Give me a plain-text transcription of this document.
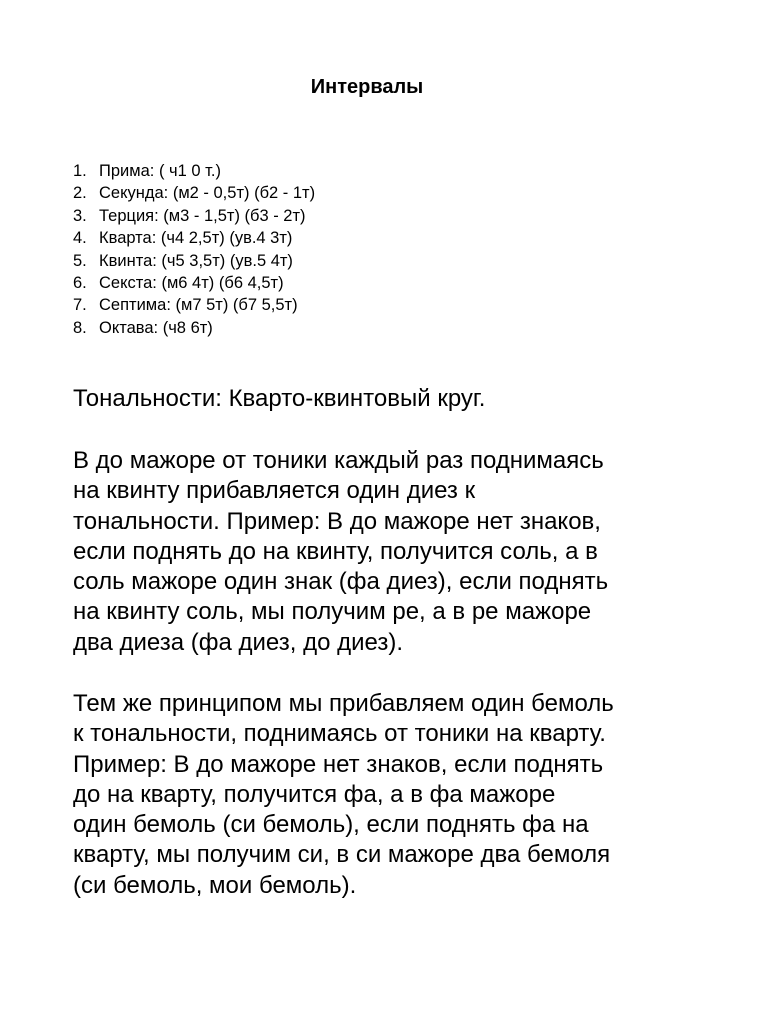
Интервалы
1. Прима: ( ч1 0 т.)
2. Секунда: (м2 - 0,5т) (б2 - 1т)
3. Терция: (м3 - 1,5т) (б3 - 2т)
4. Кварта: (ч4 2,5т) (ув.4 3т)
5. Квинта: (ч5 3,5т) (ув.5 4т)
6. Секста: (м6 4т) (б6 4,5т)
7. Септима: (м7 5т) (б7 5,5т)
8. Октава: (ч8 6т)

Тональности: Кварто-квинтовый круг.

В до мажоре от тоники каждый раз поднимаясь
на квинту прибавляется один диез к
тональности. Пример: В до мажоре нет знаков,
если поднять до на квинту, получится соль, а в
соль мажоре один знак (фа диез), если поднять
на квинту соль, мы получим ре, а в ре мажоре
два диеза (фа диез, до диез).

Тем же принципом мы прибавляем один бемоль
к тональности, поднимаясь от тоники на кварту.
Пример: В до мажоре нет знаков, если поднять
до на кварту, получится фа, а в фа мажоре
один бемоль (си бемоль), если поднять фа на
кварту, мы получим си, в си мажоре два бемоля
(си бемоль, мои бемоль).
